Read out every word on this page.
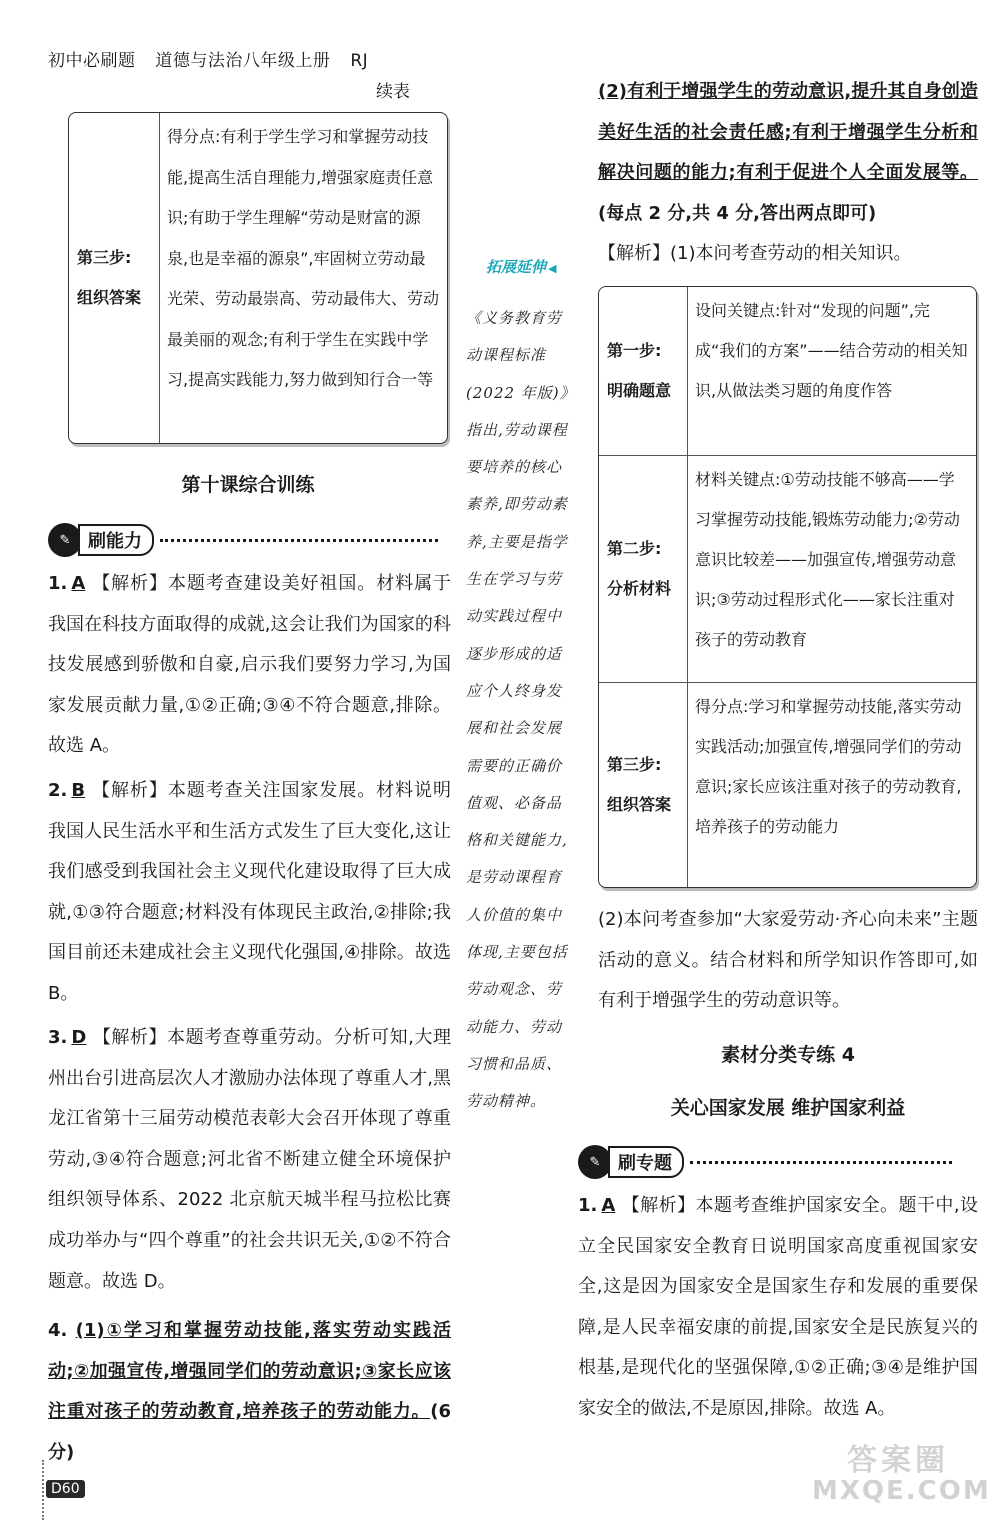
初中必刷题 道德与法治八年级上册 RJ
续表
第三步:
组织答案
得分点:有利于学生学习和掌握劳动技能,提高生活自理能力,增强家庭责任意识;有助于学生理解“劳动是财富的源泉,也是幸福的源泉”,牢固树立劳动最光荣、劳动最崇高、劳动最伟大、劳动最美丽的观念;有利于学生在实践中学习,提高实践能力,努力做到知行合一等
第十课综合训练
✎ 刷能力
1. A 【解析】本题考查建设美好祖国。材料属于我国在科技方面取得的成就,这会让我们为国家的科技发展感到骄傲和自豪,启示我们要努力学习,为国家发展贡献力量,①②正确;③④不符合题意,排除。故选 A。
2. B 【解析】本题考查关注国家发展。材料说明我国人民生活水平和生活方式发生了巨大变化,这让我们感受到我国社会主义现代化建设取得了巨大成就,①③符合题意;材料没有体现民主政治,②排除;我国目前还未建成社会主义现代化强国,④排除。故选 B。
3. D 【解析】本题考查尊重劳动。分析可知,大理州出台引进高层次人才激励办法体现了尊重人才,黑龙江省第十三届劳动模范表彰大会召开体现了尊重劳动,③④符合题意;河北省不断建立健全环境保护组织领导体系、2022 北京航天城半程马拉松比赛成功举办与“四个尊重”的社会共识无关,①②不符合题意。故选 D。
4. (1)①学习和掌握劳动技能,落实劳动实践活动;②加强宣传,增强同学们的劳动意识;③家长应该注重对孩子的劳动教育,培养孩子的劳动能力。(6 分)
拓展延伸 ◀
《义务教育劳动课程标准(2022 年版)》指出,劳动课程要培养的核心素养,即劳动素养,主要是指学生在学习与劳动实践过程中逐步形成的适应个人终身发展和社会发展需要的正确价值观、必备品格和关键能力,是劳动课程育人价值的集中体现,主要包括劳动观念、劳动能力、劳动习惯和品质、劳动精神。
(2)有利于增强学生的劳动意识,提升其自身创造美好生活的社会责任感;有利于增强学生分析和解决问题的能力;有利于促进个人全面发展等。(每点 2 分,共 4 分,答出两点即可)
【解析】(1)本问考查劳动的相关知识。
第一步:
明确题意
设问关键点:针对“发现的问题”,完成“我们的方案”——结合劳动的相关知识,从做法类习题的角度作答
第二步:
分析材料
材料关键点:①劳动技能不够高——学习掌握劳动技能,锻炼劳动能力;②劳动意识比较差——加强宣传,增强劳动意识;③劳动过程形式化——家长注重对孩子的劳动教育
第三步:
组织答案
得分点:学习和掌握劳动技能,落实劳动实践活动;加强宣传,增强同学们的劳动意识;家长应该注重对孩子的劳动教育,培养孩子的劳动能力
(2)本问考查参加“大家爱劳动·齐心向未来”主题活动的意义。结合材料和所学知识作答即可,如有利于增强学生的劳动意识等。
素材分类专练 4
关心国家发展 维护国家利益
✎ 刷专题
1. A 【解析】本题考查维护国家安全。题干中,设立全民国家安全教育日说明国家高度重视国家安全,这是因为国家安全是国家生存和发展的重要保障,是人民幸福安康的前提,国家安全是民族复兴的根基,是现代化的坚强保障,①②正确;③④是维护国家安全的做法,不是原因,排除。故选 A。
D60
答案圈
MXQE.COM
